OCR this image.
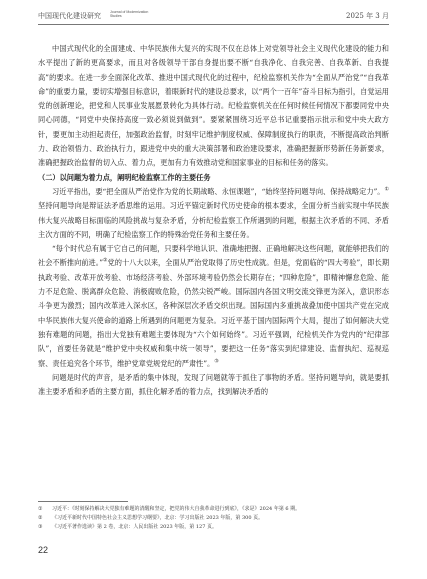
中国现代化建设研究	Journal of Modernization Studies	2025 年 3 月

中国式现代化的全面建成、中华民族伟大复兴的实现不仅在总体上对党领导社会主义现代化建设的能力和水平提出了新的更高要求，而且对各级领导干部自身提出要不断“自我净化、自我完善、自我革新、自我提高”的要求。在进一步全面深化改革、推进中国式现代化的过程中，纪检监察机关作为“全面从严治党”“自我革命”的重要力量，要切实增强目标意识，着眼新时代的建设总要求，以“两个一百年”奋斗目标为指引，自觉运用党的创新理论，把党和人民事业发展愿景转化为具体行动。纪检监察机关在任何时候任何情况下都要同党中央同心同德，“同党中央保持高度一致必须说到做到”。要紧紧围绕习近平总书记重要指示批示和党中央大政方针，要更加主动担起责任，加强政治监督，时刻牢记维护制度权威、保障制度执行的职责，不断提高政治判断力、政治领悟力、政治执行力，跟进党中央的重大决策部署和政治建设要求，准确把握新形势新任务新要求，准确把握政治监督的切入点、着力点，更加有力有效推动党和国家事业的目标和任务的落实。

（二）以问题为着力点，阐明纪检监察工作的主要任务

习近平指出，要“把全面从严治党作为党的长期战略、永恒课题”，“始终坚持问题导向、保持战略定力”。①坚持问题导向是辩证法矛盾思维的运用。习近平锚定新时代历史使命的根本要求，全面分析当前实现中华民族伟大复兴战略目标面临的风险挑战与复杂矛盾，分析纪检监察工作所遇到的问题，根据主次矛盾的不同、矛盾主次方面的不同，明确了纪检监察工作的特殊治党任务和主要任务。

“每个时代总有属于它自己的问题，只要科学地认识、准确地把握、正确地解决这些问题，就能够把我们的社会不断推向前进。”②党的十八大以来，全面从严治党取得了历史性成就。但是，党面临的“四大考验”，即长期执政考验、改革开放考验、市场经济考验、外部环境考验仍然会长期存在；“四种危险”，即精神懈怠危险、能力不足危险、脱离群众危险、消极腐败危险，仍然尖锐严峻。国际国内各国文明交流交锋更为深入，意识形态斗争更为激烈；国内改革进入深水区，各种深层次矛盾交织出现。国际国内多重挑战叠加使中国共产党在完成中华民族伟大复兴使命的道路上所遇到的问题更为复杂。习近平基于国内国际两个大局，提出了如何解决大党独有难题的问题，指出大党独有难题主要体现为“六个如何始终”。习近平强调，纪检机关作为党内的“纪律部队”，首要任务就是“维护党中央权威和集中统一领导”，要把这一任务“落实到纪律建设、监督执纪、巡视巡察、责任追究各个环节，维护党章党规党纪的严肃性”。③

问题是时代的声音，是矛盾的集中体现，发现了问题就等于抓住了事物的矛盾。坚持问题导向，就是要抓准主要矛盾和矛盾的主要方面，抓住化解矛盾的着力点，找到解决矛盾的

① 习近平：《时刻保持解决大党独有难题的清醒和坚定，把党的伟大自我革命进行到底》，《求是》2024 年第 6 期。
② 《习近平新时代中国特色社会主义思想学习纲要》，北京：学习出版社 2023 年版，第 300 页。
③ 《习近平著作选读》第 2 卷，北京：人民出版社 2023 年版，第 127 页。
22
